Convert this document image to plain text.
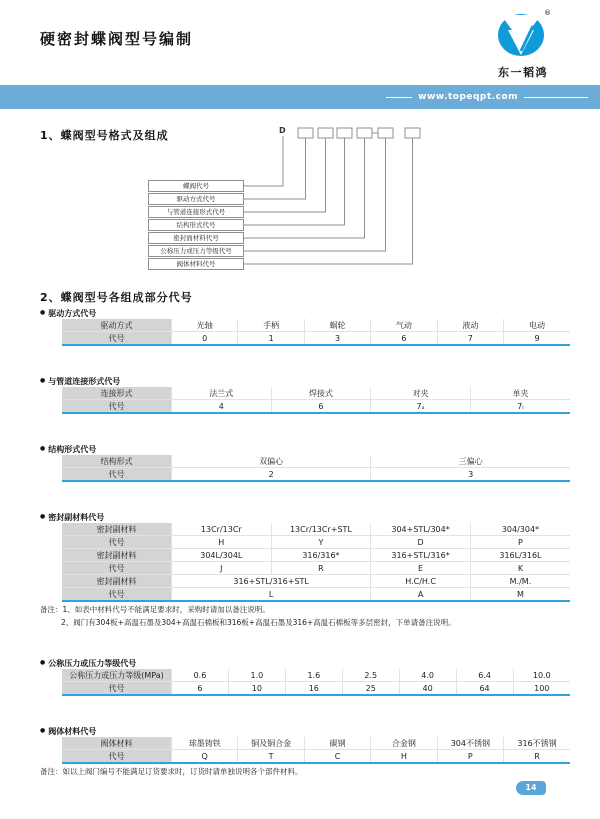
硬密封蝶阀型号编制
®
东一韬鸿
www.topeqpt.com
1、蝶阀型号格式及组成	D
蝶阀代号
驱动方式代号
与管道连接形式代号
结构形式代号
密封面材料代号
公称压力或压力等级代号
阀体材料代号
2、蝶阀型号各组成部分代号
● 驱动方式代号
驱动方式	光轴	手柄	蜗轮	气动	液动	电动
代号	0	1	3	6	7	9
● 与管道连接形式代号
连接形式	法兰式	焊接式	对夹	单夹
代号	4	6	7ₐ	7ₗ
● 结构形式代号
结构形式	双偏心	三偏心
代号	2	3
● 密封副材料代号
密封副材料	13Cr/13Cr	13Cr/13Cr+STL	304+STL/304*	304/304*
代号	H	Y	D	P
密封副材料	304L/304L	316/316*	316+STL/316*	316L/316L
代号	J	R	E	K
密封副材料	316+STL/316+STL		H.C/H.C	M./M.
代号	L		A	M
备注：1、如表中材料代号不能满足要求时，采购时请加以备注说明。
2、阀门有304板+高温石墨及304+高温石棉板和316板+高温石墨及316+高温石棉板等多层密封，下单请备注说明。
● 公称压力或压力等级代号
公称压力或压力等级(MPa)	0.6	1.0	1.6	2.5	4.0	6.4	10.0
代号	6	10	16	25	40	64	100
● 阀体材料代号
阀体材料	球墨铸铁	铜及铜合金	碳钢	合金钢	304不锈钢	316不锈钢
代号	Q	T	C	H	P	R
备注：如以上阀门编号不能满足订货要求时，订货时请单独说明各个部件材料。
14
